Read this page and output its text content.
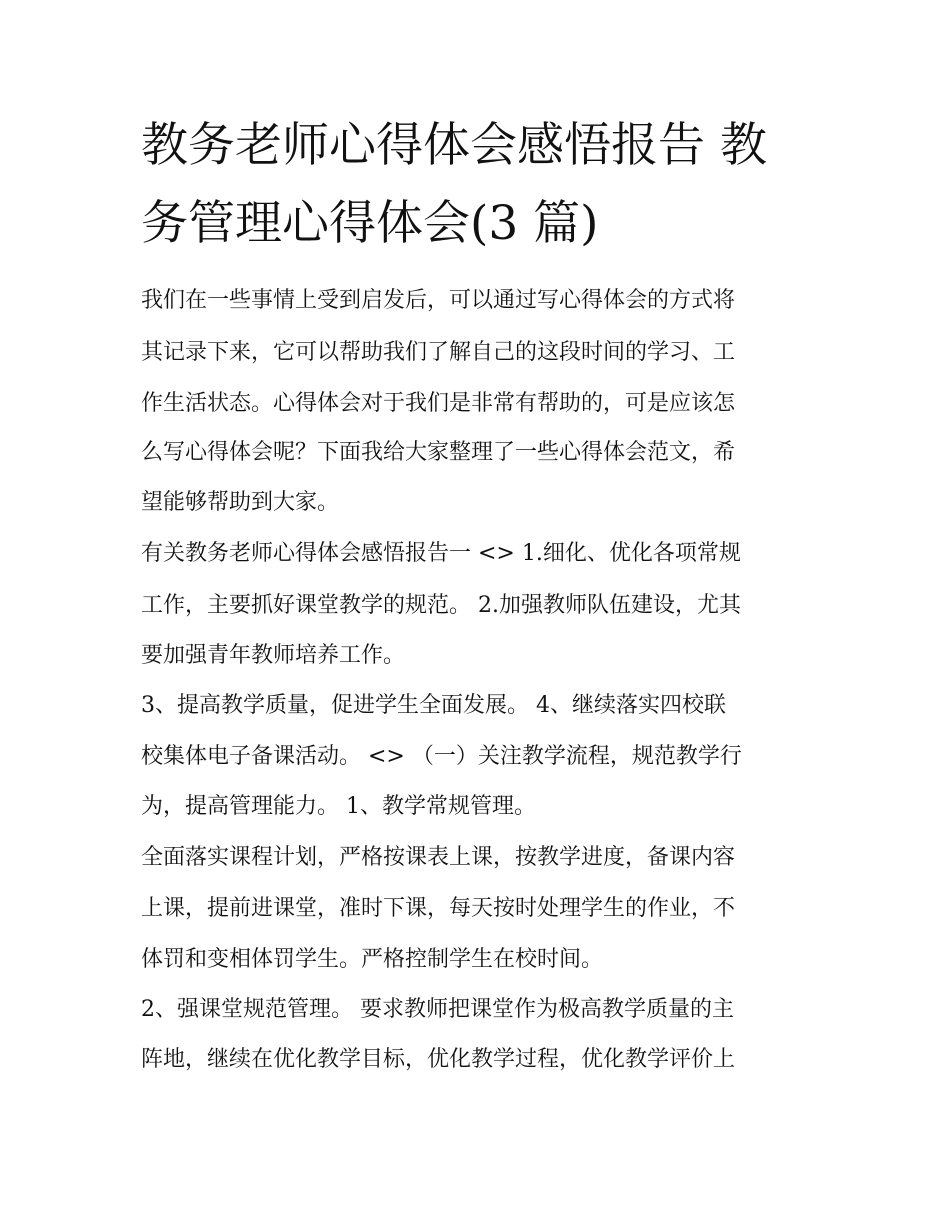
教务老师心得体会感悟报告 教
务管理心得体会(3 篇)
我们在一些事情上受到启发后，可以通过写心得体会的方式将
其记录下来，它可以帮助我们了解自己的这段时间的学习、工
作生活状态。心得体会对于我们是非常有帮助的，可是应该怎
么写心得体会呢？下面我给大家整理了一些心得体会范文，希
望能够帮助到大家。
有关教务老师心得体会感悟报告一 <> 1.细化、优化各项常规
工作，主要抓好课堂教学的规范。 2.加强教师队伍建设，尤其
要加强青年教师培养工作。
3、提高教学质量，促进学生全面发展。 4、继续落实四校联
校集体电子备课活动。 <> （一）关注教学流程，规范教学行
为，提高管理能力。 1、教学常规管理。
全面落实课程计划，严格按课表上课，按教学进度，备课内容
上课，提前进课堂，准时下课，每天按时处理学生的作业，不
体罚和变相体罚学生。严格控制学生在校时间。
2、强课堂规范管理。 要求教师把课堂作为极高教学质量的主
阵地，继续在优化教学目标，优化教学过程，优化教学评价上
